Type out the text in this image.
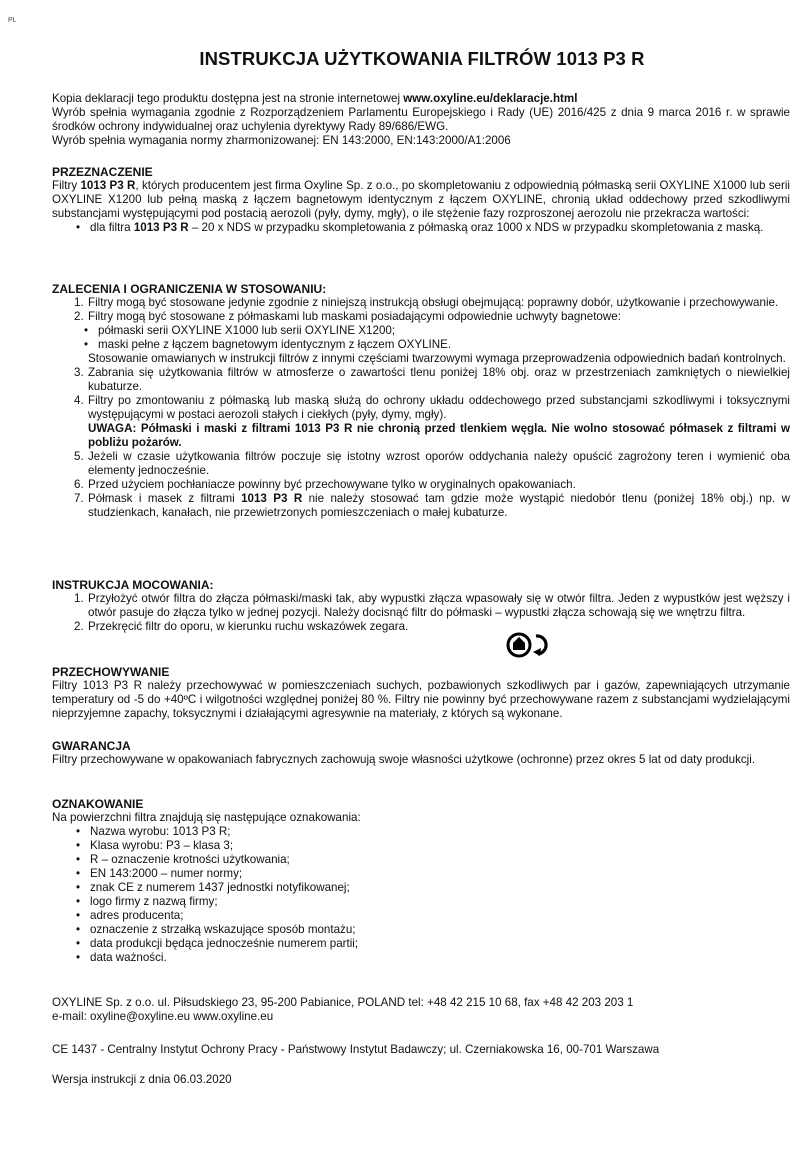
PL
INSTRUKCJA UŻYTKOWANIA FILTRÓW 1013 P3 R

Kopia deklaracji tego produktu dostępna jest na stronie internetowej www.oxyline.eu/deklaracje.html

Wyrób spełnia wymagania zgodnie z Rozporządzeniem Parlamentu Europejskiego i Rady (UE) 2016/425 z dnia 9 marca 2016 r. w sprawie środków ochrony indywidualnej oraz uchylenia dyrektywy Rady 89/686/EWG.

Wyrób spełnia wymagania normy zharmonizowanej: EN 143:2000, EN:143:2000/A1:2006

PRZEZNACZENIE

Filtry 1013 P3 R, których producentem jest firma Oxyline Sp. z o.o., po skompletowaniu z odpowiednią półmaską serii OXYLINE X1000 lub serii OXYLINE X1200 lub pełną maską z łączem bagnetowym identycznym z łączem OXYLINE, chronią układ oddechowy przed szkodliwymi substancjami występującymi pod postacią aerozoli (pyły, dymy, mgły), o ile stężenie fazy rozproszonej aerozolu nie przekracza wartości:

• dla filtra 1013 P3 R – 20 x NDS w przypadku skompletowania z półmaską oraz 1000 x NDS w przypadku skompletowania z maską.
ZALECENIA I OGRANICZENIA W STOSOWANIU:
1. Filtry mogą być stosowane jedynie zgodnie z niniejszą instrukcją obsługi obejmującą: poprawny dobór, użytkowanie i przechowywanie.
2. Filtry mogą być stosowane z półmaskami lub maskami posiadającymi odpowiednie uchwyty bagnetowe:
• półmaski serii OXYLINE X1000 lub serii OXYLINE X1200;
• maski pełne z łączem bagnetowym identycznym z łączem OXYLINE.
Stosowanie omawianych w instrukcji filtrów z innymi częściami twarzowymi wymaga przeprowadzenia odpowiednich badań kontrolnych.
3. Zabrania się użytkowania filtrów w atmosferze o zawartości tlenu poniżej 18% obj. oraz w przestrzeniach zamkniętych o niewielkiej kubaturze.
4. Filtry po zmontowaniu z półmaską lub maską służą do ochrony układu oddechowego przed substancjami szkodliwymi i toksycznymi występującymi w postaci aerozoli stałych i ciekłych (pyły, dymy, mgły).
UWAGA: Półmaski i maski z filtrami 1013 P3 R nie chronią przed tlenkiem węgla. Nie wolno stosować półmasek z filtrami w pobliżu pożarów.
5. Jeżeli w czasie użytkowania filtrów poczuje się istotny wzrost oporów oddychania należy opuścić zagrożony teren i wymienić oba elementy jednocześnie.
6. Przed użyciem pochłaniacze powinny być przechowywane tylko w oryginalnych opakowaniach.
7. Półmask i masek z filtrami 1013 P3 R nie należy stosować tam gdzie może wystąpić niedobór tlenu (poniżej 18% obj.) np. w studzienkach, kanałach, nie przewietrzonych pomieszczeniach o małej kubaturze.
INSTRUKCJA MOCOWANIA:
1. Przyłożyć otwór filtra do złącza półmaski/maski tak, aby wypustki złącza wpasowały się w otwór filtra. Jeden z wypustków jest węższy i otwór pasuje do złącza tylko w jednej pozycji. Należy docisnąć filtr do półmaski – wypustki złącza schowają się we wnętrzu filtra.
2. Przekręcić filtr do oporu, w kierunku ruchu wskazówek zegara.
PRZECHOWYWANIE

Filtry 1013 P3 R należy przechowywać w pomieszczeniach suchych, pozbawionych szkodliwych par i gazów, zapewniających utrzymanie temperatury od -5 do +40ºC i wilgotności względnej poniżej 80 %. Filtry nie powinny być przechowywane razem z substancjami wydzielającymi nieprzyjemne zapachy, toksycznymi i działającymi agresywnie na materiały, z których są wykonane.

GWARANCJA

Filtry przechowywane w opakowaniach fabrycznych zachowują swoje własności użytkowe (ochronne) przez okres 5 lat od daty produkcji.

OZNAKOWANIE

Na powierzchni filtra znajdują się następujące oznakowania:

• Nazwa wyrobu: 1013 P3 R;
• Klasa wyrobu: P3 – klasa 3;
• R – oznaczenie krotności użytkowania;
• EN 143:2000 – numer normy;
• znak CE z numerem 1437 jednostki notyfikowanej;
• logo firmy z nazwą firmy;
• adres producenta;
• oznaczenie z strzałką wskazujące sposób montażu;
• data produkcji będąca jednocześnie numerem partii;
• data ważności.

OXYLINE Sp. z o.o. ul. Piłsudskiego 23, 95-200 Pabianice, POLAND tel: +48 42 215 10 68, fax +48 42 203 203 1

e-mail: oxyline@oxyline.eu www.oxyline.eu

CE 1437 - Centralny Instytut Ochrony Pracy - Państwowy Instytut Badawczy; ul. Czerniakowska 16, 00-701 Warszawa

Wersja instrukcji z dnia 06.03.2020
